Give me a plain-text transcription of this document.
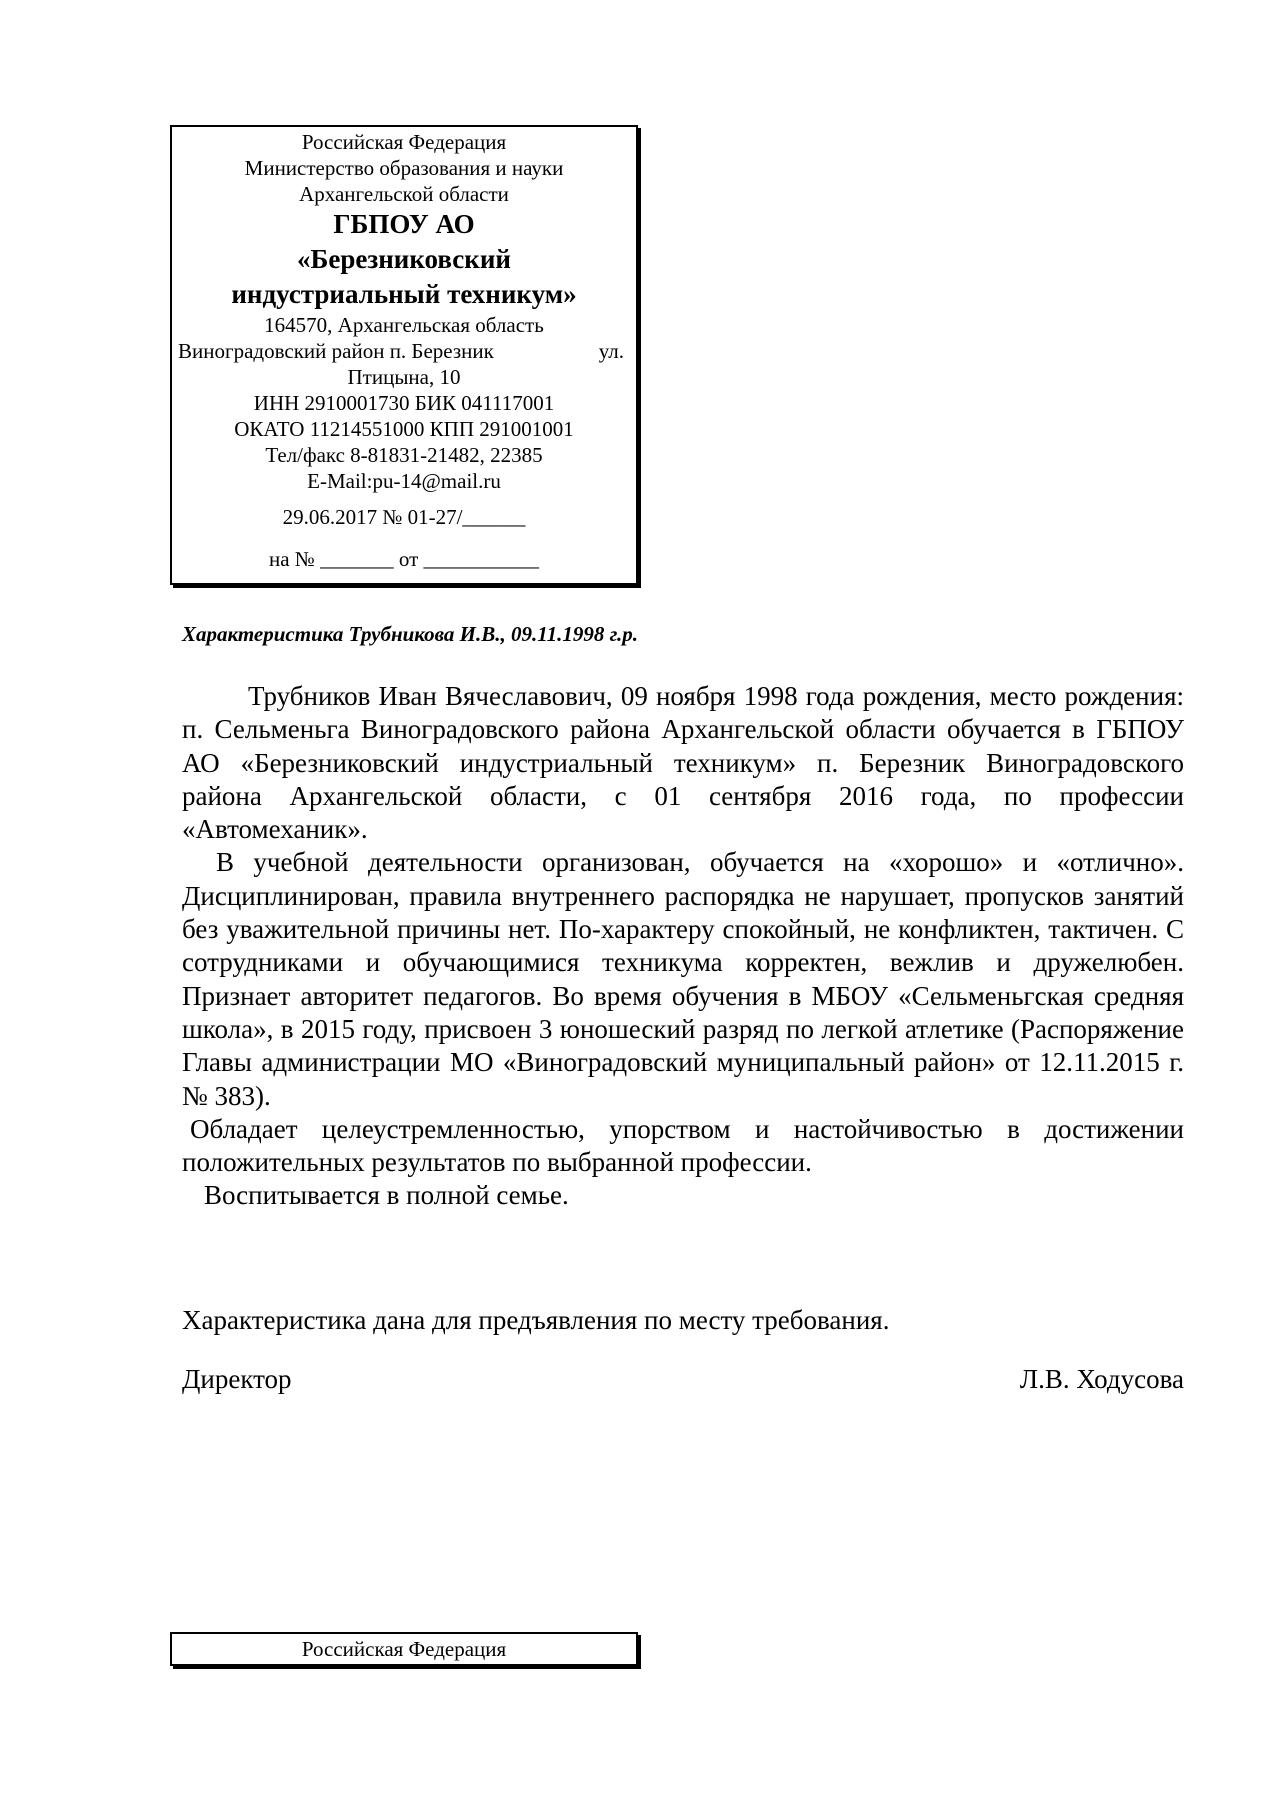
Российская Федерация
Министерство образования и науки
Архангельской области
ГБПОУ АО
«Березниковский
индустриальный техникум»
164570, Архангельская область
Виноградовский район п. Березник	ул.
Птицына, 10
ИНН 2910001730 БИК 041117001
ОКАТО 11214551000 КПП 291001001
Тел/факс 8-81831-21482, 22385
E-Mail:pu-14@mail.ru
29.06.2017 № 01-27/______
на № _______ от ___________
Характеристика Трубникова И.В., 09.11.1998 г.р.

Трубников Иван Вячеславович, 09 ноября 1998 года рождения, место рождения: п. Сельменьга Виноградовского района Архангельской области обучается в ГБПОУ АО «Березниковский индустриальный техникум» п. Березник Виноградовского района Архангельской области, с 01 сентября 2016 года, по профессии «Автомеханик».

В учебной деятельности организован, обучается на «хорошо» и «отлично». Дисциплинирован, правила внутреннего распорядка не нарушает, пропусков занятий без уважительной причины нет. По-характеру спокойный, не конфликтен, тактичен. С сотрудниками и обучающимися техникума корректен, вежлив и дружелюбен. Признает авторитет педагогов. Во время обучения в МБОУ «Сельменьгская средняя школа», в 2015 году, присвоен 3 юношеский разряд по легкой атлетике (Распоряжение Главы администрации МО «Виноградовский муниципальный район» от 12.11.2015 г. № 383).

Обладает целеустремленностью, упорством и настойчивостью в достижении положительных результатов по выбранной профессии.

Воспитывается в полной семье.

Характеристика дана для предъявления по месту требования.
Директор	Л.В. Ходусова
Российская Федерация
